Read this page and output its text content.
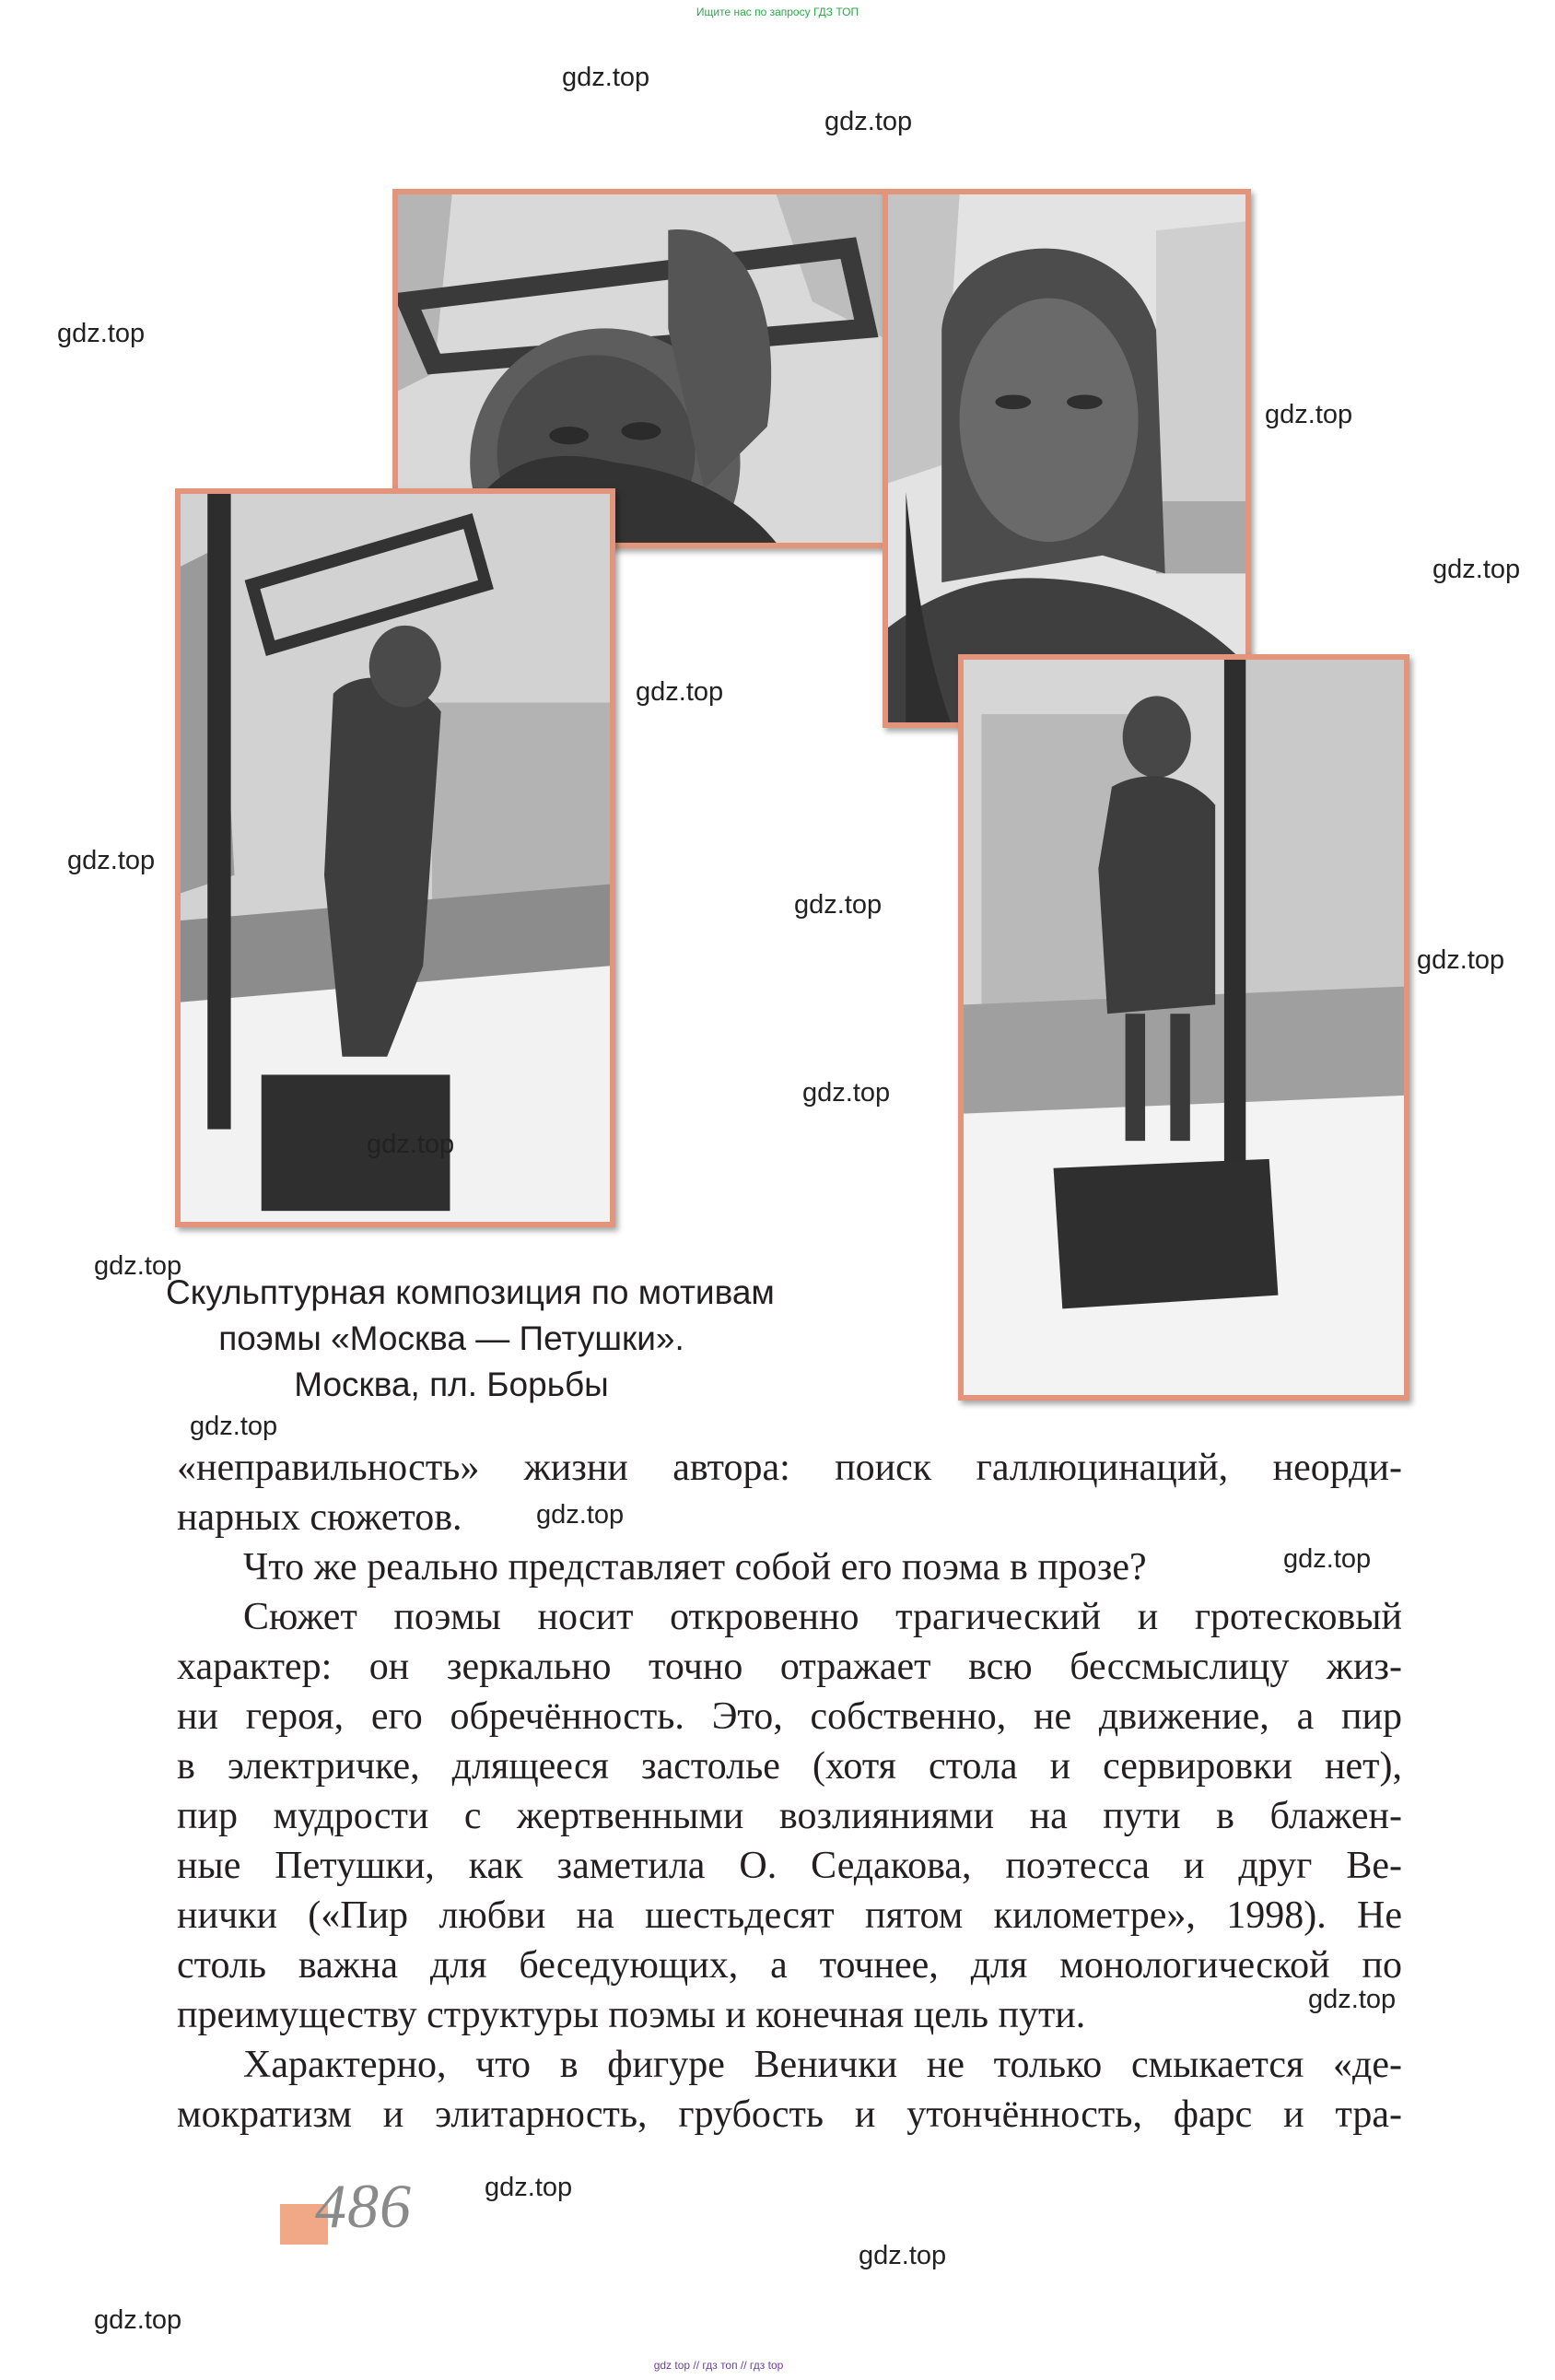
Ищите нас по запросу ГДЗ ТОП
Скульптурная композиция по мотивам
поэмы «Москва — Петушки».
Москва, пл. Борьбы
«неправильность» жизни автора: поиск галлюцинаций, неорди-
нарных сюжетов.
Что же реально представляет собой его поэма в прозе?
Сюжет поэмы носит откровенно трагический и гротесковый
характер: он зеркально точно отражает всю бессмыслицу жиз-
ни героя, его обречённость. Это, собственно, не движение, а пир
в электричке, длящееся застолье (хотя стола и сервировки нет),
пир мудрости с жертвенными возлияниями на пути в блажен-
ные Петушки, как заметила О. Седакова, поэтесса и друг Ве-
нички («Пир любви на шестьдесят пятом километре», 1998). Не
столь важна для беседующих, а точнее, для монологической по
преимуществу структуры поэмы и конечная цель пути.
Характерно, что в фигуре Венички не только смыкается «де-
мократизм и элитарность, грубость и утончённость, фарс и тра-
486
gdz.top
gdz.top
gdz.top
gdz.top
gdz.top
gdz.top
gdz.top
gdz.top
gdz.top
gdz.top
gdz.top
gdz.top
gdz.top
gdz.top
gdz.top
gdz.top
gdz.top
gdz.top
gdz.top
gdz top // гдз топ // гдз top
